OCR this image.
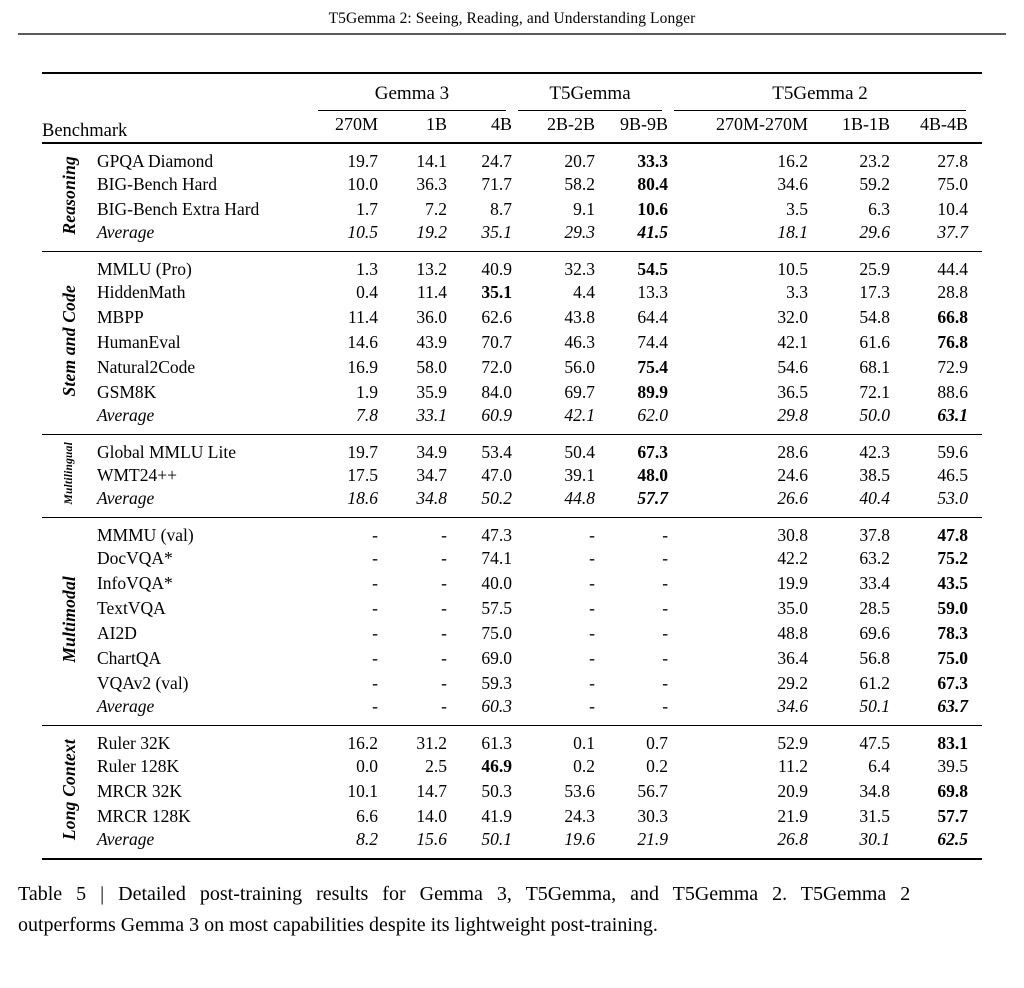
T5Gemma 2: Seeing, Reading, and Understanding Longer
Benchmark		Gemma 3			T5Gemma		T5Gemma 2		

		270M	1B	4B	2B-2B	9B-9B	270M-270M	1B-1B	4B-4B
Reasoning	GPQA Diamond	19.7	14.1	24.7	20.7	33.3	16.2	23.2	27.8
	BIG-Bench Hard	10.0	36.3	71.7	58.2	80.4	34.6	59.2	75.0
	BIG-Bench Extra Hard	1.7	7.2	8.7	9.1	10.6	3.5	6.3	10.4
	Average	10.5	19.2	35.1	29.3	41.5	18.1	29.6	37.7
Stem and Code	MMLU (Pro)	1.3	13.2	40.9	32.3	54.5	10.5	25.9	44.4
	HiddenMath	0.4	11.4	35.1	4.4	13.3	3.3	17.3	28.8
	MBPP	11.4	36.0	62.6	43.8	64.4	32.0	54.8	66.8
	HumanEval	14.6	43.9	70.7	46.3	74.4	42.1	61.6	76.8
	Natural2Code	16.9	58.0	72.0	56.0	75.4	54.6	68.1	72.9
	GSM8K	1.9	35.9	84.0	69.7	89.9	36.5	72.1	88.6
	Average	7.8	33.1	60.9	42.1	62.0	29.8	50.0	63.1
Multilingual	Global MMLU Lite	19.7	34.9	53.4	50.4	67.3	28.6	42.3	59.6
	WMT24++	17.5	34.7	47.0	39.1	48.0	24.6	38.5	46.5
	Average	18.6	34.8	50.2	44.8	57.7	26.6	40.4	53.0
Multimodal	MMMU (val)	-	-	47.3	-	-	30.8	37.8	47.8
	DocVQA*	-	-	74.1	-	-	42.2	63.2	75.2
	InfoVQA*	-	-	40.0	-	-	19.9	33.4	43.5
	TextVQA	-	-	57.5	-	-	35.0	28.5	59.0
	AI2D	-	-	75.0	-	-	48.8	69.6	78.3
	ChartQA	-	-	69.0	-	-	36.4	56.8	75.0
	VQAv2 (val)	-	-	59.3	-	-	29.2	61.2	67.3
	Average	-	-	60.3	-	-	34.6	50.1	63.7
Long Context	Ruler 32K	16.2	31.2	61.3	0.1	0.7	52.9	47.5	83.1
	Ruler 128K	0.0	2.5	46.9	0.2	0.2	11.2	6.4	39.5
	MRCR 32K	10.1	14.7	50.3	53.6	56.7	20.9	34.8	69.8
	MRCR 128K	6.6	14.0	41.9	24.3	30.3	21.9	31.5	57.7
	Average	8.2	15.6	50.1	19.6	21.9	26.8	30.1	62.5
Table 5 | Detailed post-training results for Gemma 3, T5Gemma, and T5Gemma 2. T5Gemma 2
outperforms Gemma 3 on most capabilities despite its lightweight post-training.
